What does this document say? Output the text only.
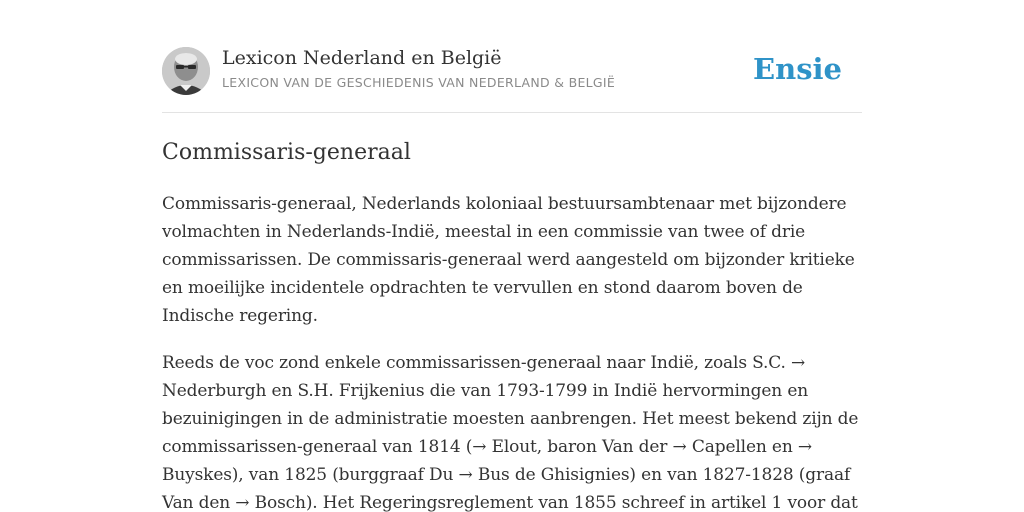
Lexicon Nederland en België
LEXICON VAN DE GESCHIEDENIS VAN NEDERLAND & BELGIË	Ensie
Commissaris-generaal

Commissaris-generaal, Nederlands koloniaal bestuursambtenaar met bijzondere volmachten in Nederlands-Indië, meestal in een commissie van twee of drie commissarissen. De commissaris-generaal werd aangesteld om bijzonder kritieke en moeilijke incidentele opdrachten te vervullen en stond daarom boven de Indische regering.

Reeds de voc zond enkele commissarissen-generaal naar Indië, zoals S.C. → Nederburgh en S.H. Frijkenius die van 1793-1799 in Indië hervormingen en bezuinigingen in de administratie moesten aanbrengen. Het meest bekend zijn de commissarissen-generaal van 1814 (→ Elout, baron Van der → Capellen en → Buyskes), van 1825 (burggraaf Du → Bus de Ghisignies) en van 1827-1828 (graaf Van den → Bosch). Het Regeringsreglement van 1855 schreef in artikel 1 voor dat
